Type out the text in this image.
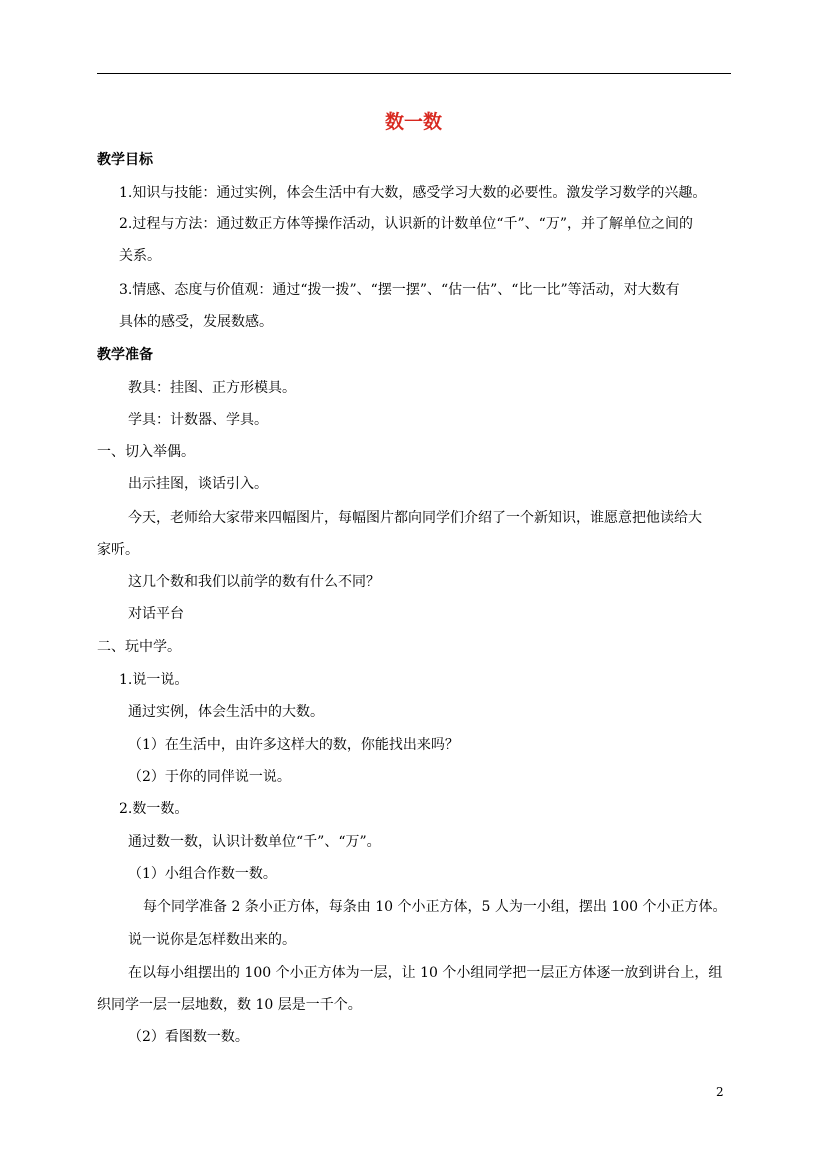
数一数
教学目标
1.知识与技能：通过实例，体会生活中有大数，感受学习大数的必要性。激发学习数学的兴趣。
2.过程与方法：通过数正方体等操作活动，认识新的计数单位“千”、“万”，并了解单位之间的
关系。
3.情感、态度与价值观：通过“拨一拨”、“摆一摆”、“估一估”、“比一比”等活动，对大数有
具体的感受，发展数感。
教学准备
教具：挂图、正方形模具。
学具：计数器、学具。
一、切入举偶。
出示挂图，谈话引入。
今天，老师给大家带来四幅图片，每幅图片都向同学们介绍了一个新知识，谁愿意把他读给大
家听。
这几个数和我们以前学的数有什么不同？
对话平台
二、玩中学。
1.说一说。
通过实例，体会生活中的大数。
（1）在生活中，由许多这样大的数，你能找出来吗？
（2）于你的同伴说一说。
2.数一数。
通过数一数，认识计数单位“千”、“万”。
（1）小组合作数一数。
每个同学准备 2 条小正方体，每条由 10 个小正方体，5 人为一小组，摆出 100 个小正方体。
说一说你是怎样数出来的。
在以每小组摆出的 100 个小正方体为一层，让 10 个小组同学把一层正方体逐一放到讲台上，组
织同学一层一层地数，数 10 层是一千个。
（2）看图数一数。
2
